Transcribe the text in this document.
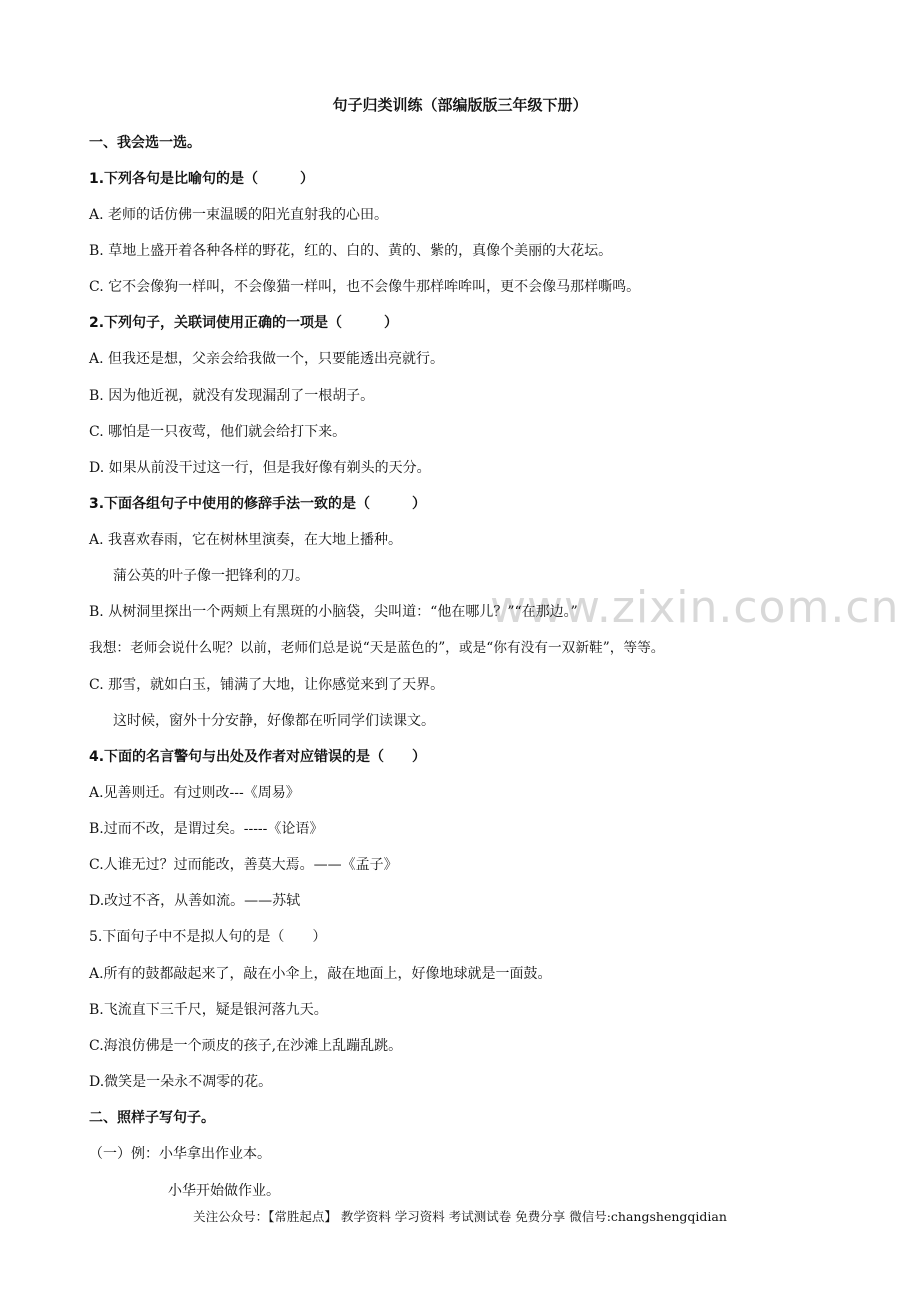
www.zixin.com.cn
句子归类训练（部编版版三年级下册）
一、我会选一选。
1.下列各句是比喻句的是（　　　）
A. 老师的话仿佛一束温暖的阳光直射我的心田。
B. 草地上盛开着各种各样的野花，红的、白的、黄的、紫的，真像个美丽的大花坛。
C. 它不会像狗一样叫，不会像猫一样叫，也不会像牛那样哞哞叫，更不会像马那样嘶鸣。
2.下列句子，关联词使用正确的一项是（　　　）
A. 但我还是想，父亲会给我做一个，只要能透出亮就行。
B. 因为他近视，就没有发现漏刮了一根胡子。
C. 哪怕是一只夜莺，他们就会给打下来。
D. 如果从前没干过这一行，但是我好像有剃头的天分。
3.下面各组句子中使用的修辞手法一致的是（　　　）
A. 我喜欢春雨，它在树林里演奏，在大地上播种。
蒲公英的叶子像一把锋利的刀。
B. 从树洞里探出一个两颊上有黑斑的小脑袋，尖叫道：“他在哪儿？”“在那边。”
我想：老师会说什么呢？以前，老师们总是说“天是蓝色的”，或是“你有没有一双新鞋”，等等。
C. 那雪，就如白玉，铺满了大地，让你感觉来到了天界。
这时候，窗外十分安静，好像都在听同学们读课文。
4.下面的名言警句与出处及作者对应错误的是（　　）
A.见善则迁。有过则改---《周易》
B.过而不改，是谓过矣。-----《论语》
C.人谁无过？过而能改，善莫大焉。——《孟子》
D.改过不吝，从善如流。——苏轼
5.下面句子中不是拟人句的是（　　）
A.所有的鼓都敲起来了，敲在小伞上，敲在地面上，好像地球就是一面鼓。
B.飞流直下三千尺，疑是银河落九天。
C.海浪仿佛是一个顽皮的孩子,在沙滩上乱蹦乱跳。
D.微笑是一朵永不凋零的花。
二、照样子写句子。
（一）例：小华拿出作业本。
小华开始做作业。
关注公众号：【常胜起点】 教学资料 学习资料 考试测试卷 免费分享 微信号:changshengqidian
